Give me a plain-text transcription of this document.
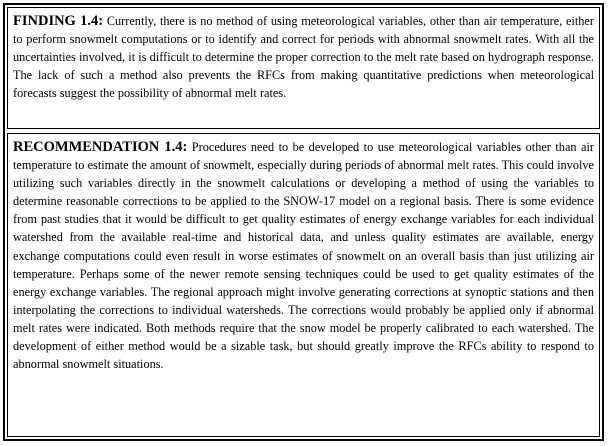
FINDING 1.4: Currently, there is no method of using meteorological variables, other than air temperature, either to perform snowmelt computations or to identify and correct for periods with abnormal snowmelt rates. With all the uncertainties involved, it is difficult to determine the proper correction to the melt rate based on hydrograph response. The lack of such a method also prevents the RFCs from making quantitative predictions when meteorological forecasts suggest the possibility of abnormal melt rates.
RECOMMENDATION 1.4: Procedures need to be developed to use meteorological variables other than air temperature to estimate the amount of snowmelt, especially during periods of abnormal melt rates. This could involve utilizing such variables directly in the snowmelt calculations or developing a method of using the variables to determine reasonable corrections to be applied to the SNOW-17 model on a regional basis. There is some evidence from past studies that it would be difficult to get quality estimates of energy exchange variables for each individual watershed from the available real-time and historical data, and unless quality estimates are available, energy exchange computations could even result in worse estimates of snowmelt on an overall basis than just utilizing air temperature. Perhaps some of the newer remote sensing techniques could be used to get quality estimates of the energy exchange variables. The regional approach might involve generating corrections at synoptic stations and then interpolating the corrections to individual watersheds. The corrections would probably be applied only if abnormal melt rates were indicated. Both methods require that the snow model be properly calibrated to each watershed. The development of either method would be a sizable task, but should greatly improve the RFCs ability to respond to abnormal snowmelt situations.
